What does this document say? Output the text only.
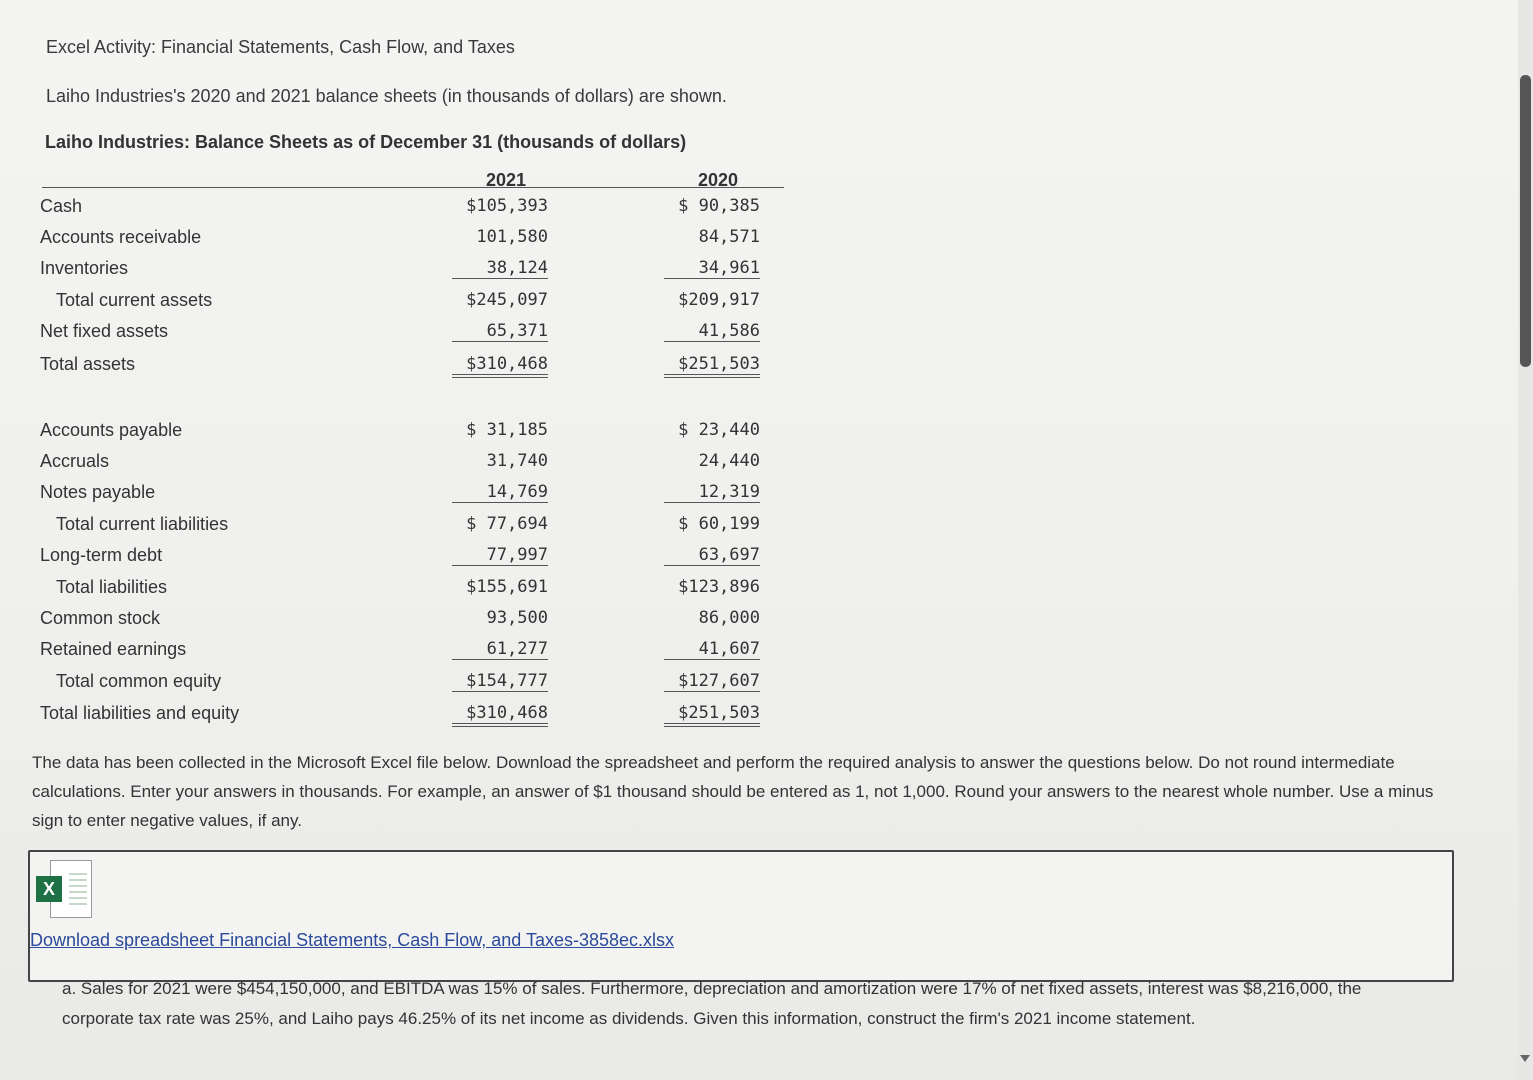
Excel Activity: Financial Statements, Cash Flow, and Taxes
Laiho Industries's 2020 and 2021 balance sheets (in thousands of dollars) are shown.
Laiho Industries: Balance Sheets as of December 31 (thousands of dollars)
2021	2020
Cash	$105,393	$ 90,385
Accounts receivable	101,580	84,571
Inventories	38,124	34,961
Total current assets	$245,097	$209,917
Net fixed assets	65,371	41,586
Total assets	$310,468	$251,503
Accounts payable	$ 31,185	$ 23,440
Accruals	31,740	24,440
Notes payable	14,769	12,319
Total current liabilities	$ 77,694	$ 60,199
Long-term debt	77,997	63,697
Total liabilities	$155,691	$123,896
Common stock	93,500	86,000
Retained earnings	61,277	41,607
Total common equity	$154,777	$127,607
Total liabilities and equity	$310,468	$251,503
The data has been collected in the Microsoft Excel file below. Download the spreadsheet and perform the required analysis to answer the questions below. Do not round intermediate calculations. Enter your answers in thousands. For example, an answer of $1 thousand should be entered as 1, not 1,000. Round your answers to the nearest whole number. Use a minus sign to enter negative values, if any.
X
Download spreadsheet Financial Statements, Cash Flow, and Taxes-3858ec.xlsx
a. Sales for 2021 were $454,150,000, and EBITDA was 15% of sales. Furthermore, depreciation and amortization were 17% of net fixed assets, interest was $8,216,000, the corporate tax rate was 25%, and Laiho pays 46.25% of its net income as dividends. Given this information, construct the firm's 2021 income statement.
